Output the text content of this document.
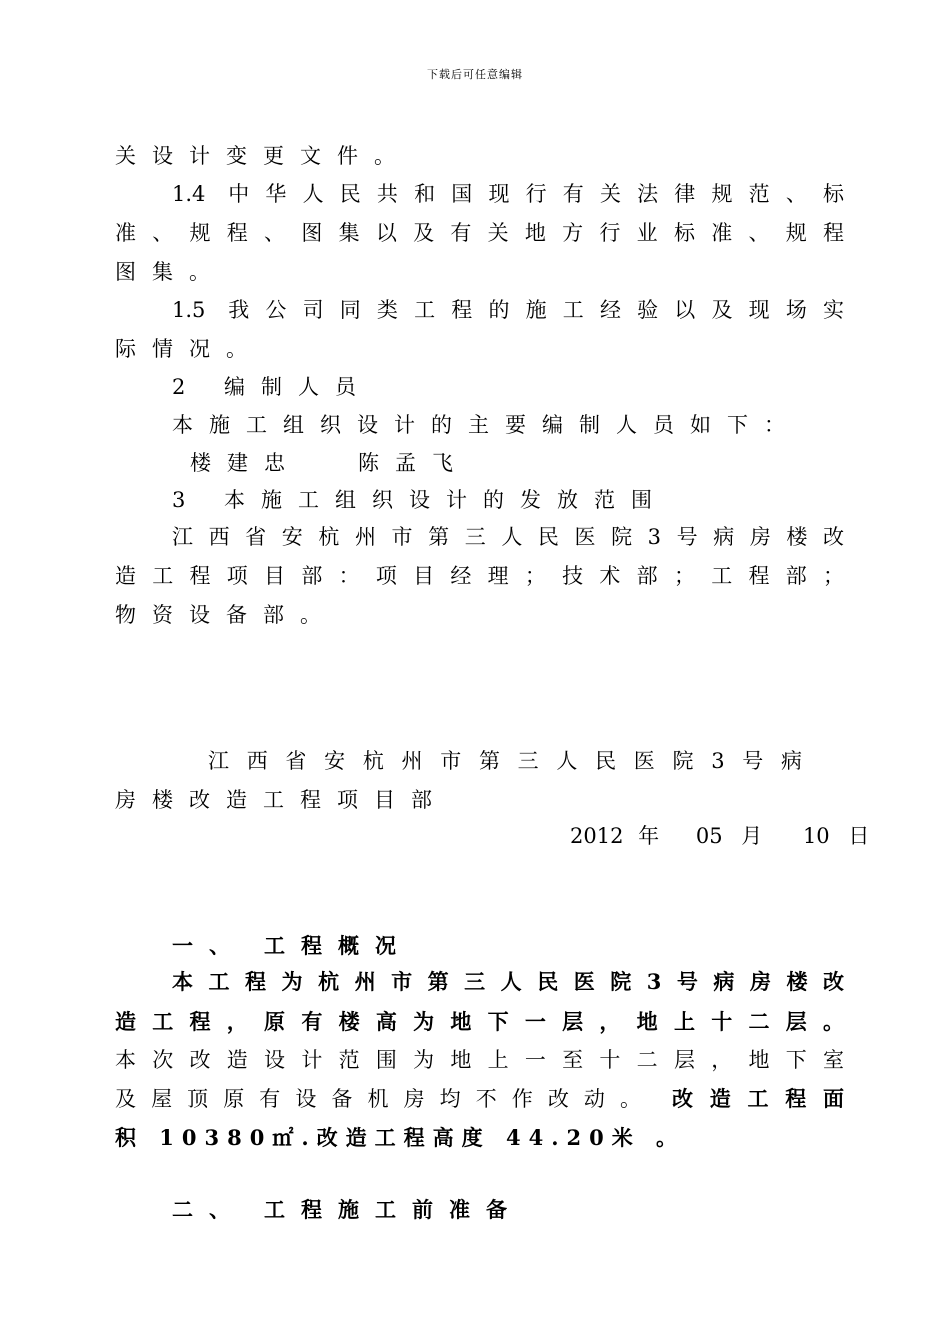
下载后可任意编辑
关设计变更文件。
1.4 中华人民共和国现行有关法律规范、标
准、规程、图集以及有关地方行业标准、规程
图集。
1.5 我公司同类工程的施工经验以及现场实
际情况。
2 编制人员
本施工组织设计的主要编制人员如下：
楼建忠	陈孟飞
3 本施工组织设计的发放范围
江西省安杭州市第三人民医院3号病房楼改
造工程项目部：项目经理；技术部；工程部；
物资设备部。
江西省安杭州市第三人民医院3号病
房楼改造工程项目部
2012 年 05 月 10 日
一、 工程概况
本工程为杭州市第三人民医院3号病房楼改
造工程，原有楼高为地下一层，地上十二层。
本次改造设计范围为地上一至十二层，地下室
及屋顶原有设备机房均不作改动。 改造工程面
积 10380㎡.改造工程高度 44.20米 。
二、 工程施工前准备
